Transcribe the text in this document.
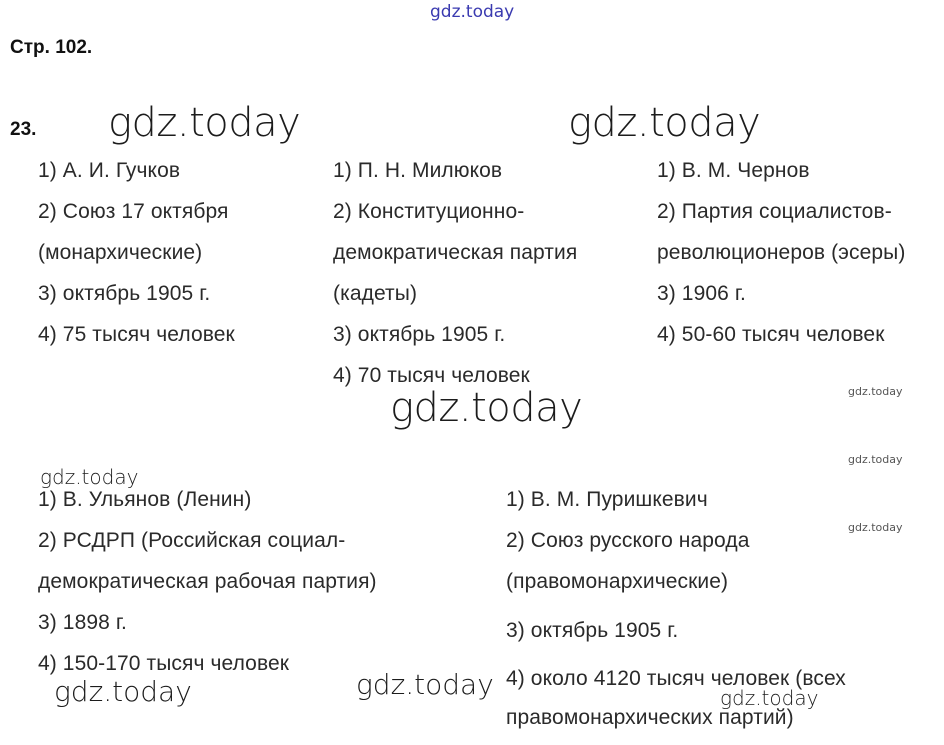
gdz.today
Стр. 102.
23. gdz.today	gdz.today
gdz.today
1) А. И. Гучков
2) Союз 17 октября
(монархические)
3) октябрь 1905 г.
4) 75 тысяч человек
1) П. Н. Милюков
2) Конституционно-
демократическая партия
(кадеты)
3) октябрь 1905 г.
4) 70 тысяч человек
1) В. М. Чернов
2) Партия социалистов-
революционеров (эсеры)
3) 1906 г.
4) 50-60 тысяч человек
gdz.today
gdz.today
gdz.today
gdz.today
1) В. Ульянов (Ленин)
2) РСДРП (Российская социал-
демократическая рабочая партия)
3) 1898 г.
4) 150-170 тысяч человек
1) В. М. Пуришкевич
2) Союз русского народа
(правомонархические)
3) октябрь 1905 г.
4) около 4120 тысяч человек (всех
правомонархических партий)
gdz.today	gdz.today	gdz.today
